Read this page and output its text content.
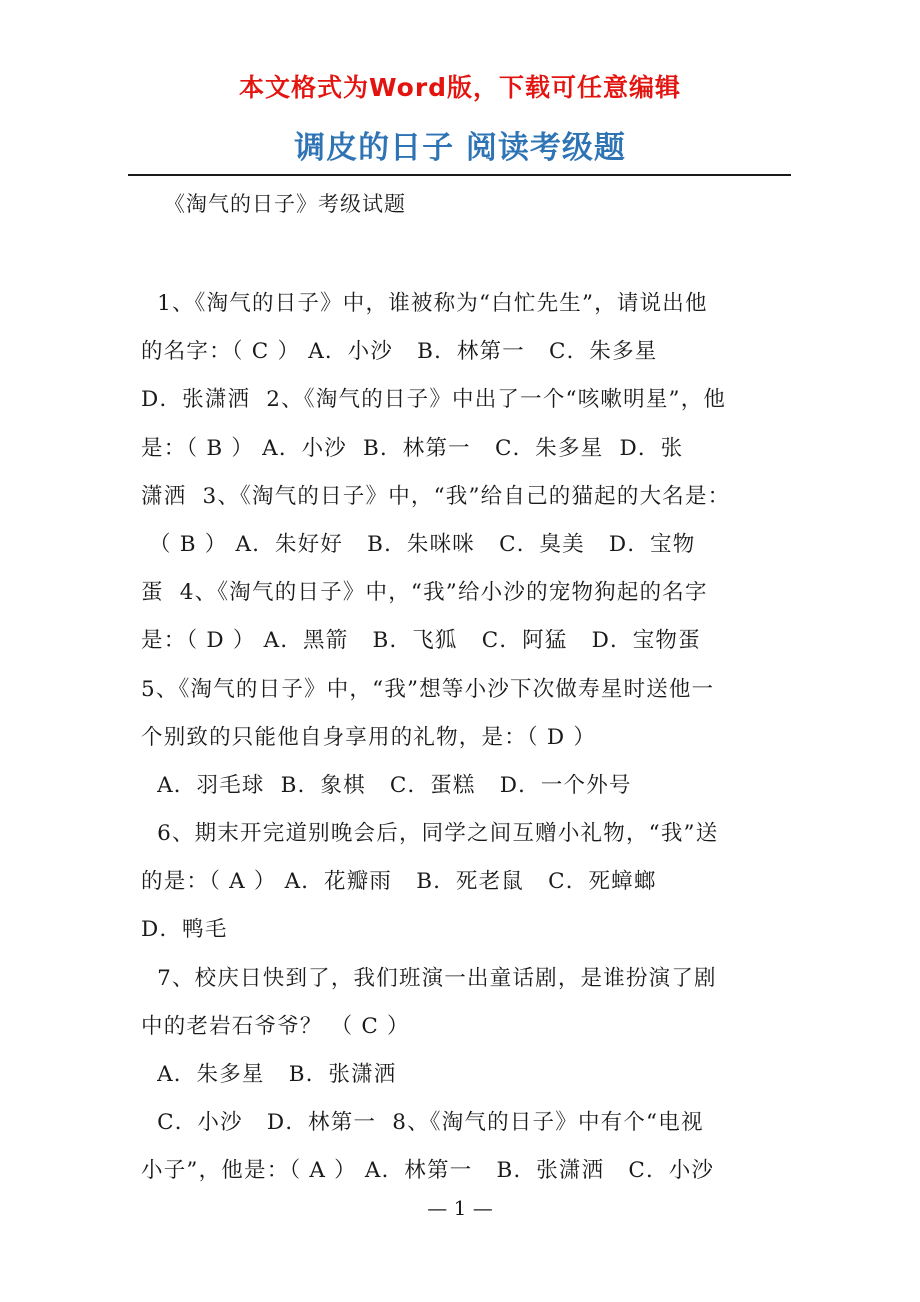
本文格式为Word版，下载可任意编辑
调皮的日子 阅读考级题
《淘气的日子》考级试题
1、《淘气的日子》中，谁被称为“白忙先生”，请说出他
的名字：（ C ） A．小沙   B．林第一   C．朱多星
D．张潇洒  2、《淘气的日子》中出了一个“咳嗽明星”，他
是：（ B ） A．小沙  B．林第一   C．朱多星  D．张
潇洒  3、《淘气的日子》中，“我”给自己的猫起的大名是：
（ B ） A．朱好好   B．朱咪咪   C．臭美   D．宝物
蛋  4、《淘气的日子》中，“我”给小沙的宠物狗起的名字
是：（ D ） A．黑箭   B．飞狐   C．阿猛   D．宝物蛋
5、《淘气的日子》中，“我”想等小沙下次做寿星时送他一
个别致的只能他自身享用的礼物，是：（ D ）
A．羽毛球  B．象棋   C．蛋糕   D．一个外号
6、期末开完道别晚会后，同学之间互赠小礼物，“我”送
的是：（ A ） A．花瓣雨   B．死老鼠   C．死蟑螂
D．鸭毛
7、校庆日快到了，我们班演一出童话剧，是谁扮演了剧
中的老岩石爷爷？ （ C ）
A．朱多星   B．张潇洒
C．小沙   D．林第一  8、《淘气的日子》中有个“电视
小子”，他是：（ A ） A．林第一   B．张潇洒   C．小沙
— 1 —
